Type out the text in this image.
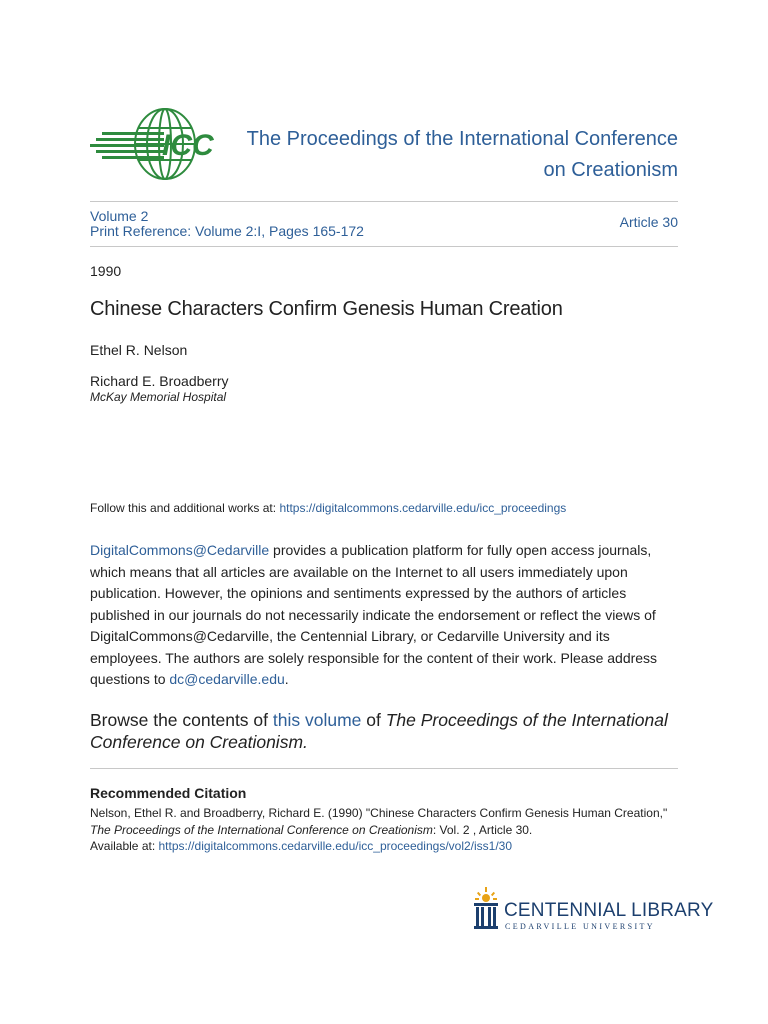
ICC	The Proceedings of the International Conference
on Creationism
Volume 2
Print Reference: Volume 2:I, Pages 165-172
Article 30
1990
Chinese Characters Confirm Genesis Human Creation
Ethel R. Nelson
Richard E. Broadberry
McKay Memorial Hospital
Follow this and additional works at: https://digitalcommons.cedarville.edu/icc_proceedings
DigitalCommons@Cedarville provides a publication platform for fully open access journals, which means that all articles are available on the Internet to all users immediately upon publication. However, the opinions and sentiments expressed by the authors of articles published in our journals do not necessarily indicate the endorsement or reflect the views of DigitalCommons@Cedarville, the Centennial Library, or Cedarville University and its employees. The authors are solely responsible for the content of their work. Please address questions to dc@cedarville.edu.
Browse the contents of this volume of The Proceedings of the International Conference on Creationism.
Recommended Citation
Nelson, Ethel R. and Broadberry, Richard E. (1990) "Chinese Characters Confirm Genesis Human Creation,"
The Proceedings of the International Conference on Creationism: Vol. 2 , Article 30.
Available at: https://digitalcommons.cedarville.edu/icc_proceedings/vol2/iss1/30
CENTENNIAL LIBRARY
CEDARVILLE UNIVERSITY
